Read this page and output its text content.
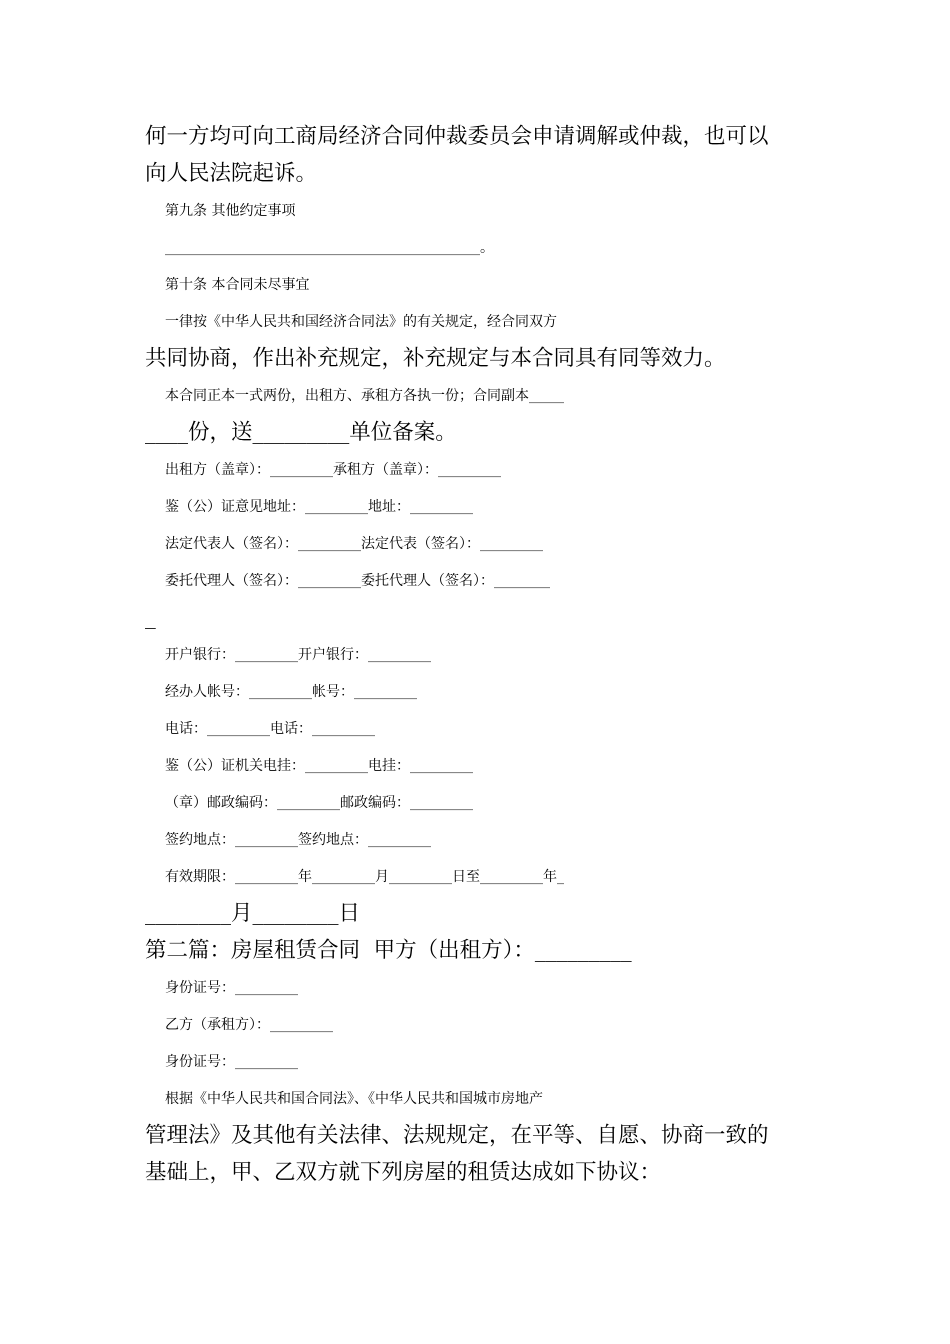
何一方均可向工商局经济合同仲裁委员会申请调解或仲裁，也可以

向人民法院起诉。

第九条 其他约定事项

_____________________________________________。

第十条 本合同未尽事宜

一律按《中华人民共和国经济合同法》的有关规定，经合同双方

共同协商，作出补充规定，补充规定与本合同具有同等效力。

本合同正本一式两份，出租方、承租方各执一份；合同副本_____

____份，送_________单位备案。

出租方（盖章）：_________承租方（盖章）：_________

鉴（公）证意见地址：_________地址：_________

法定代表人（签名）：_________法定代表（签名）：_________

委托代理人（签名）：_________委托代理人（签名）：________

_

开户银行：_________开户银行：_________

经办人帐号：_________帐号：_________

电话：_________电话：_________

鉴（公）证机关电挂：_________电挂：_________

（章）邮政编码：_________邮政编码：_________

签约地点：_________签约地点：_________

有效期限：_________年_________月_________日至_________年_

________月________日

第二篇：房屋租赁合同  甲方（出租方）：_________

身份证号：_________

乙方（承租方）：_________

身份证号：_________

根据《中华人民共和国合同法》、《中华人民共和国城市房地产

管理法》及其他有关法律、法规规定，在平等、自愿、协商一致的

基础上，甲、乙双方就下列房屋的租赁达成如下协议：
